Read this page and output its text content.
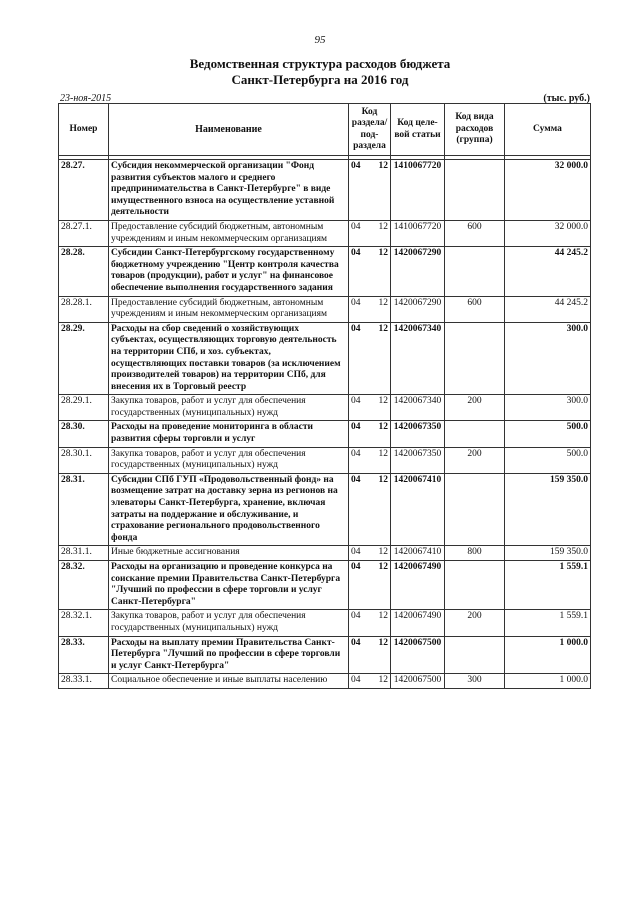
95
Ведомственная структура расходов бюджета
Санкт-Петербурга на 2016 год
23-ноя-2015	(тыс. руб.)
Номер	Наименование	Код раздела/ под- раздела	Код целе- вой статьи	Код вида расходов (группа)	Сумма

28.27.	Субсидия некоммерческой организации "Фонд развития субъектов малого и среднего предпринимательства в Санкт-Петербурге" в виде имущественного взноса на осуществление уставной деятельности	04 12	1410067720		32 000.0
28.27.1.	Предоставление субсидий бюджетным, автономным учреждениям и иным некоммерческим организациям	04 12	1410067720	600	32 000.0
28.28.	Субсидии Санкт-Петербургскому государственному бюджетному учреждению "Центр контроля качества товаров (продукции), работ и услуг" на финансовое обеспечение выполнения государственного задания	04 12	1420067290		44 245.2
28.28.1.	Предоставление субсидий бюджетным, автономным учреждениям и иным некоммерческим организациям	04 12	1420067290	600	44 245.2
28.29.	Расходы на сбор сведений о хозяйствующих субъектах, осуществляющих торговую деятельность на территории СПб, и хоз. субъектах, осуществляющих поставки товаров (за исключением производителей товаров) на территории СПб, для внесения их в Торговый реестр	04 12	1420067340		300.0
28.29.1.	Закупка товаров, работ и услуг для обеспечения государственных (муниципальных) нужд	04 12	1420067340	200	300.0
28.30.	Расходы на проведение мониторинга в области развития сферы торговли и услуг	04 12	1420067350		500.0
28.30.1.	Закупка товаров, работ и услуг для обеспечения государственных (муниципальных) нужд	04 12	1420067350	200	500.0
28.31.	Субсидии СПб ГУП «Продовольственный фонд» на возмещение затрат на доставку зерна из регионов на элеваторы Санкт-Петербурга, хранение, включая затраты на поддержание и обслуживание, и страхование регионального продовольственного фонда	04 12	1420067410		159 350.0
28.31.1.	Иные бюджетные ассигнования	04 12	1420067410	800	159 350.0
28.32.	Расходы на организацию и проведение конкурса на соискание премии Правительства Санкт-Петербурга "Лучший по профессии в сфере торговли и услуг Санкт-Петербурга"	04 12	1420067490		1 559.1
28.32.1.	Закупка товаров, работ и услуг для обеспечения государственных (муниципальных) нужд	04 12	1420067490	200	1 559.1
28.33.	Расходы на выплату премии Правительства Санкт-Петербурга "Лучший по профессии в сфере торговли и услуг Санкт-Петербурга"	04 12	1420067500		1 000.0
28.33.1.	Социальное обеспечение и иные выплаты населению	04 12	1420067500	300	1 000.0
